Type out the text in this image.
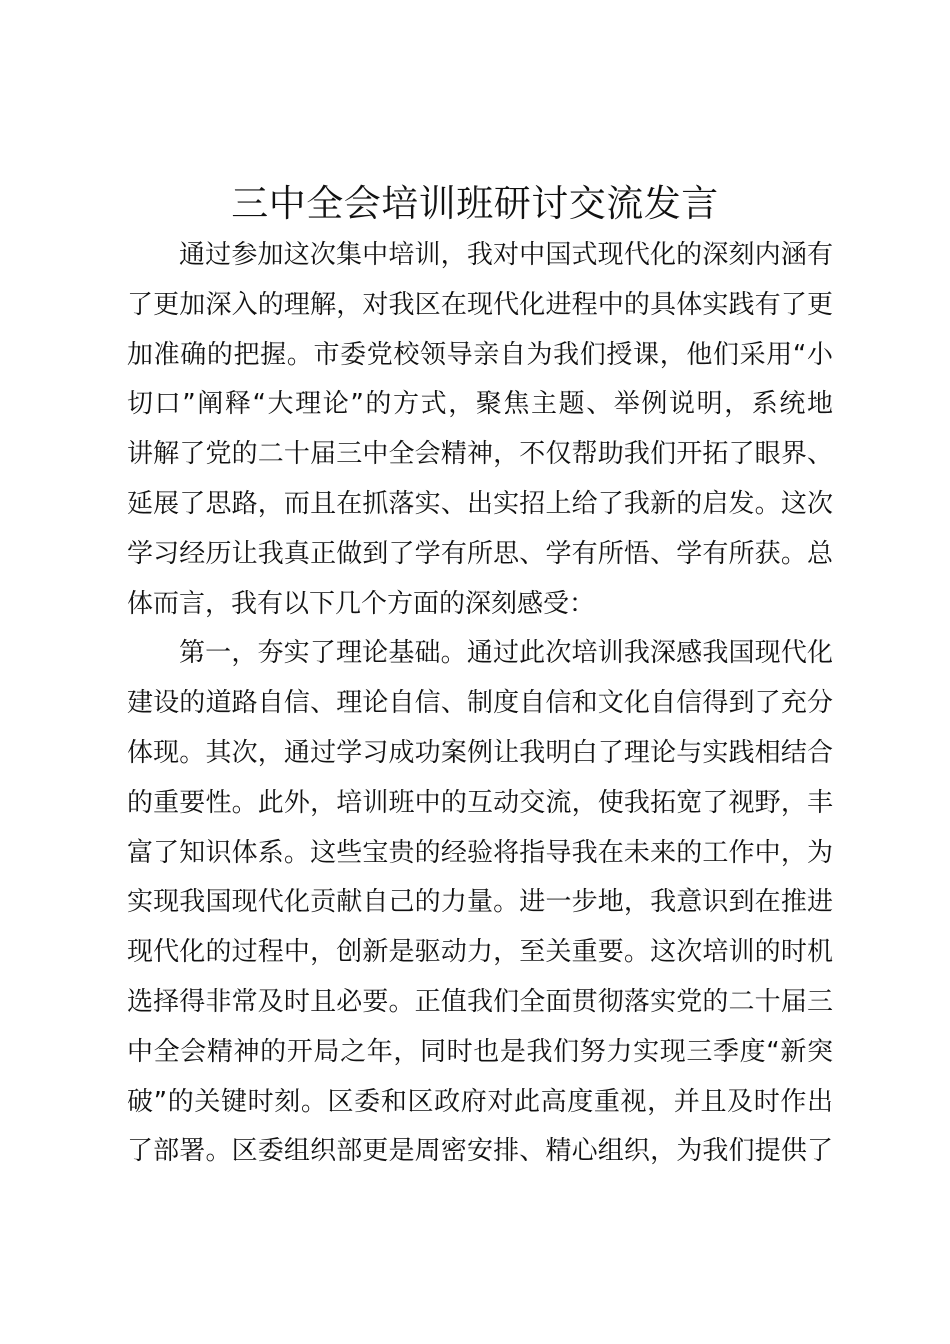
三中全会培训班研讨交流发言

通过参加这次集中培训，我对中国式现代化的深刻内涵有

了更加深入的理解，对我区在现代化进程中的具体实践有了更

加准确的把握。市委党校领导亲自为我们授课，他们采用“小

切口”阐释“大理论”的方式，聚焦主题、举例说明，系统地

讲解了党的二十届三中全会精神，不仅帮助我们开拓了眼界、

延展了思路，而且在抓落实、出实招上给了我新的启发。这次

学习经历让我真正做到了学有所思、学有所悟、学有所获。总

体而言，我有以下几个方面的深刻感受：

第一，夯实了理论基础。通过此次培训我深感我国现代化

建设的道路自信、理论自信、制度自信和文化自信得到了充分

体现。其次，通过学习成功案例让我明白了理论与实践相结合

的重要性。此外，培训班中的互动交流，使我拓宽了视野，丰

富了知识体系。这些宝贵的经验将指导我在未来的工作中，为

实现我国现代化贡献自己的力量。进一步地，我意识到在推进

现代化的过程中，创新是驱动力，至关重要。这次培训的时机

选择得非常及时且必要。正值我们全面贯彻落实党的二十届三

中全会精神的开局之年，同时也是我们努力实现三季度“新突

破”的关键时刻。区委和区政府对此高度重视，并且及时作出

了部署。区委组织部更是周密安排、精心组织，为我们提供了
